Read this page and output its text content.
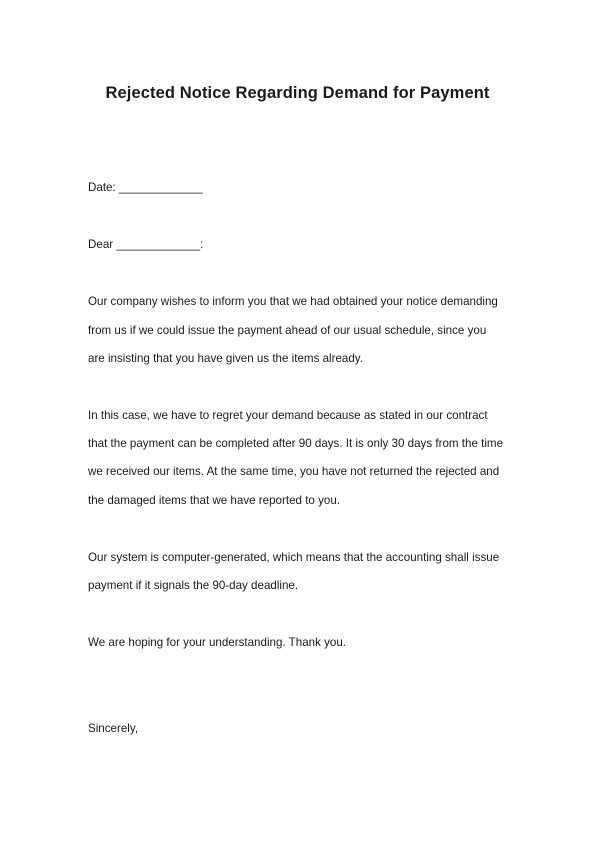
Rejected Notice Regarding Demand for Payment
Date: _____________
Dear _____________:
Our company wishes to inform you that we had obtained your notice demanding
from us if we could issue the payment ahead of our usual schedule, since you
are insisting that you have given us the items already.
In this case, we have to regret your demand because as stated in our contract
that the payment can be completed after 90 days. It is only 30 days from the time
we received our items. At the same time, you have not returned the rejected and
the damaged items that we have reported to you.
Our system is computer-generated, which means that the accounting shall issue
payment if it signals the 90-day deadline.
We are hoping for your understanding. Thank you.
Sincerely,
